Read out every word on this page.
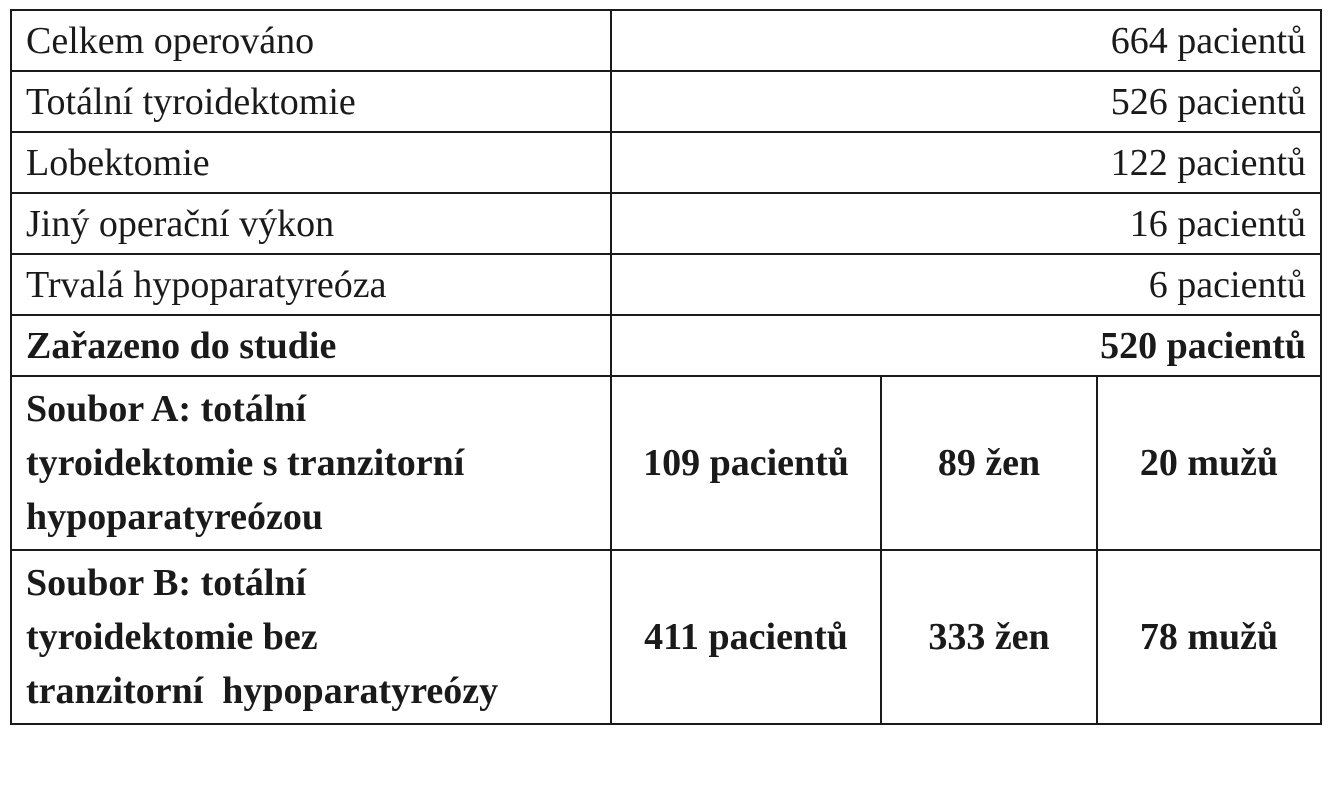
Celkem operováno	664 pacientů		
Totální tyroidektomie	526 pacientů		
Lobektomie	122 pacientů		
Jiný operační výkon	16 pacientů		
Trvalá hypoparatyreóza	6 pacientů		
Zařazeno do studie	520 pacientů		

Soubor A: totální
tyroidektomie s tranzitorní
hypoparatyreózou	109 pacientů	89 žen	20 mužů

Soubor B: totální
tyroidektomie bez
tranzitorní  hypoparatyreózy	411 pacientů	333 žen	78 mužů
